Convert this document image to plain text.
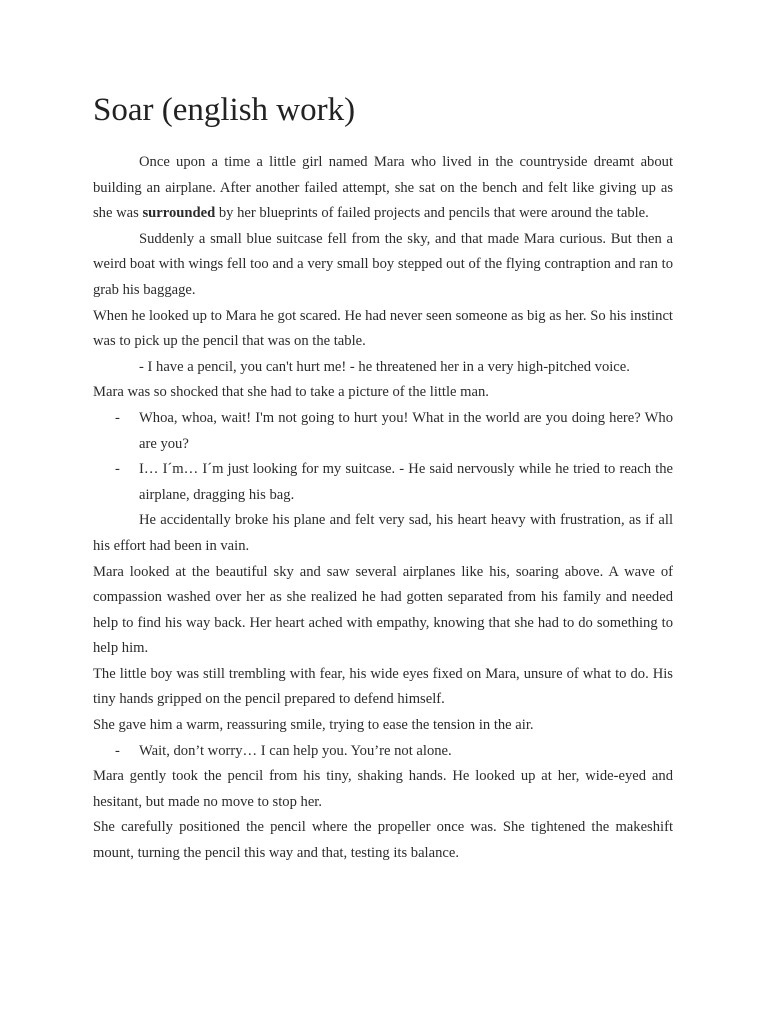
Soar (english work)

Once upon a time a little girl named Mara who lived in the countryside dreamt about building an airplane. After another failed attempt, she sat on the bench and felt like giving up as she was surrounded by her blueprints of failed projects and pencils that were around the table.

Suddenly a small blue suitcase fell from the sky, and that made Mara curious. But then a weird boat with wings fell too and a very small boy stepped out of the flying contraption and ran to grab his baggage.

When he looked up to Mara he got scared. He had never seen someone as big as her. So his instinct was to pick up the pencil that was on the table.

- I have a pencil, you can't hurt me! - he threatened her in a very high-pitched voice.

Mara was so shocked that she had to take a picture of the little man.

- Whoa, whoa, wait! I'm not going to hurt you! What in the world are you doing here? Who are you?

- I… I´m… I´m just looking for my suitcase. - He said nervously while he tried to reach the airplane, dragging his bag.

He accidentally broke his plane and felt very sad, his heart heavy with frustration, as if all his effort had been in vain.

Mara looked at the beautiful sky and saw several airplanes like his, soaring above. A wave of compassion washed over her as she realized he had gotten separated from his family and needed help to find his way back. Her heart ached with empathy, knowing that she had to do something to help him.

The little boy was still trembling with fear, his wide eyes fixed on Mara, unsure of what to do. His tiny hands gripped on the pencil prepared to defend himself.

She gave him a warm, reassuring smile, trying to ease the tension in the air.

- Wait, don’t worry… I can help you. You’re not alone.

Mara gently took the pencil from his tiny, shaking hands. He looked up at her, wide-eyed and hesitant, but made no move to stop her.

She carefully positioned the pencil where the propeller once was. She tightened the makeshift mount, turning the pencil this way and that, testing its balance.
